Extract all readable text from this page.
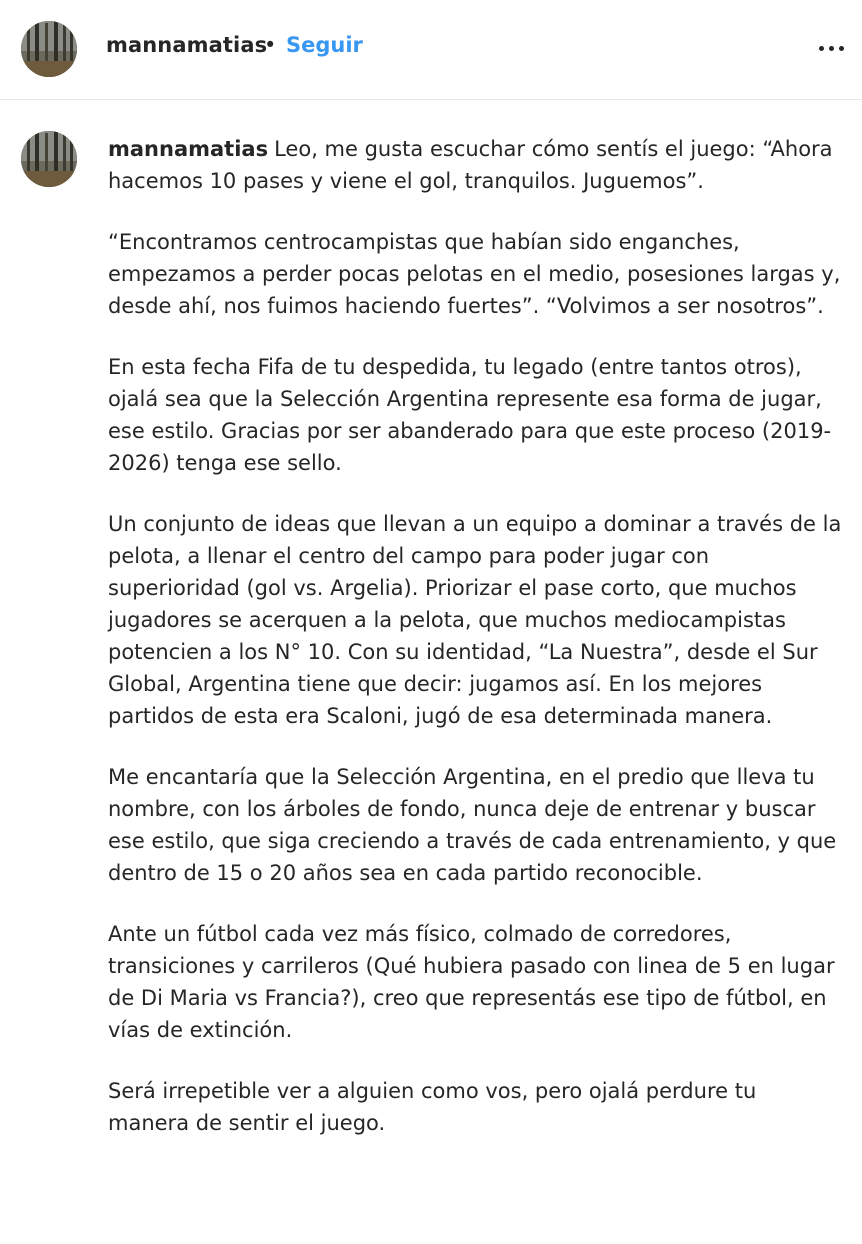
mannamatias
• Seguir

mannamatias Leo, me gusta escuchar cómo sentís el juego: “Ahora hacemos 10 pases y viene el gol, tranquilos. Juguemos”.

“Encontramos centrocampistas que habían sido enganches, empezamos a perder pocas pelotas en el medio, posesiones largas y, desde ahí, nos fuimos haciendo fuertes”. “Volvimos a ser nosotros”.

En esta fecha Fifa de tu despedida, tu legado (entre tantos otros), ojalá sea que la Selección Argentina represente esa forma de jugar, ese estilo. Gracias por ser abanderado para que este proceso (2019-2026) tenga ese sello.

Un conjunto de ideas que llevan a un equipo a dominar a través de la pelota, a llenar el centro del campo para poder jugar con superioridad (gol vs. Argelia). Priorizar el pase corto, que muchos jugadores se acerquen a la pelota, que muchos mediocampistas potencien a los N° 10. Con su identidad, “La Nuestra”, desde el Sur Global, Argentina tiene que decir: jugamos así. En los mejores partidos de esta era Scaloni, jugó de esa determinada manera.

Me encantaría que la Selección Argentina, en el predio que lleva tu nombre, con los árboles de fondo, nunca deje de entrenar y buscar ese estilo, que siga creciendo a través de cada entrenamiento, y que dentro de 15 o 20 años sea en cada partido reconocible.

Ante un fútbol cada vez más físico, colmado de corredores, transiciones y carrileros (Qué hubiera pasado con linea de 5 en lugar de Di Maria vs Francia?), creo que representás ese tipo de fútbol, en vías de extinción.

Será irrepetible ver a alguien como vos, pero ojalá perdure tu manera de sentir el juego.
